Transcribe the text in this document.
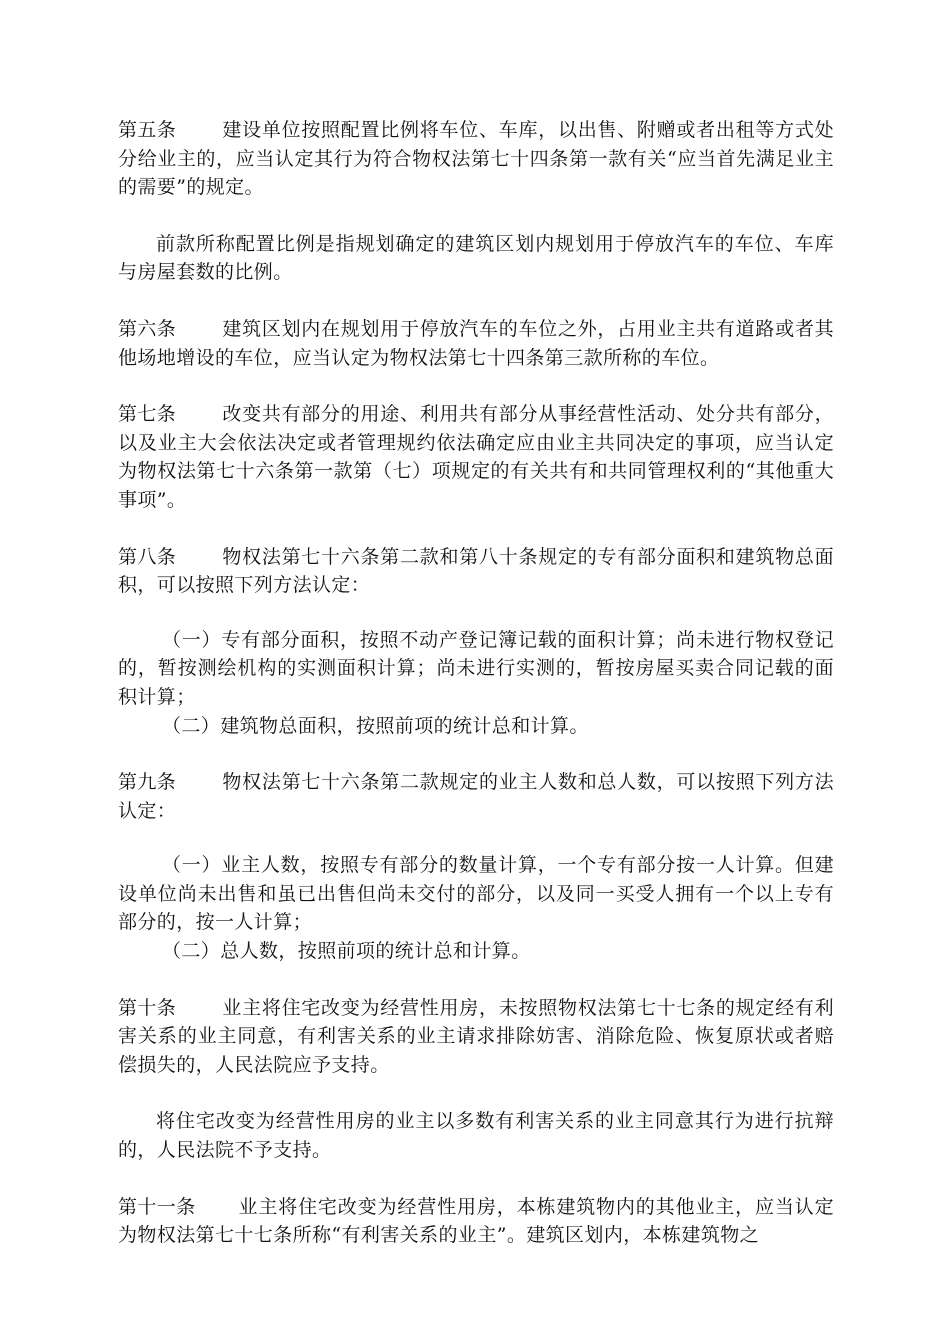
第五条 建设单位按照配置比例将车位、车库，以出售、附赠或者出租等方式处分给业主的，应当认定其行为符合物权法第七十四条第一款有关“应当首先满足业主的需要”的规定。

前款所称配置比例是指规划确定的建筑区划内规划用于停放汽车的车位、车库与房屋套数的比例。

第六条 建筑区划内在规划用于停放汽车的车位之外，占用业主共有道路或者其他场地增设的车位，应当认定为物权法第七十四条第三款所称的车位。

第七条 改变共有部分的用途、利用共有部分从事经营性活动、处分共有部分，以及业主大会依法决定或者管理规约依法确定应由业主共同决定的事项，应当认定为物权法第七十六条第一款第（七）项规定的有关共有和共同管理权利的“其他重大事项”。

第八条 物权法第七十六条第二款和第八十条规定的专有部分面积和建筑物总面积，可以按照下列方法认定：

（一）专有部分面积，按照不动产登记簿记载的面积计算；尚未进行物权登记的，暂按测绘机构的实测面积计算；尚未进行实测的，暂按房屋买卖合同记载的面积计算；

（二）建筑物总面积，按照前项的统计总和计算。

第九条 物权法第七十六条第二款规定的业主人数和总人数，可以按照下列方法认定：

（一）业主人数，按照专有部分的数量计算，一个专有部分按一人计算。但建设单位尚未出售和虽已出售但尚未交付的部分，以及同一买受人拥有一个以上专有部分的，按一人计算；

（二）总人数，按照前项的统计总和计算。

第十条 业主将住宅改变为经营性用房，未按照物权法第七十七条的规定经有利害关系的业主同意，有利害关系的业主请求排除妨害、消除危险、恢复原状或者赔偿损失的，人民法院应予支持。

将住宅改变为经营性用房的业主以多数有利害关系的业主同意其行为进行抗辩的，人民法院不予支持。

第十一条 业主将住宅改变为经营性用房，本栋建筑物内的其他业主，应当认定为物权法第七十七条所称“有利害关系的业主”。建筑区划内，本栋建筑物之
